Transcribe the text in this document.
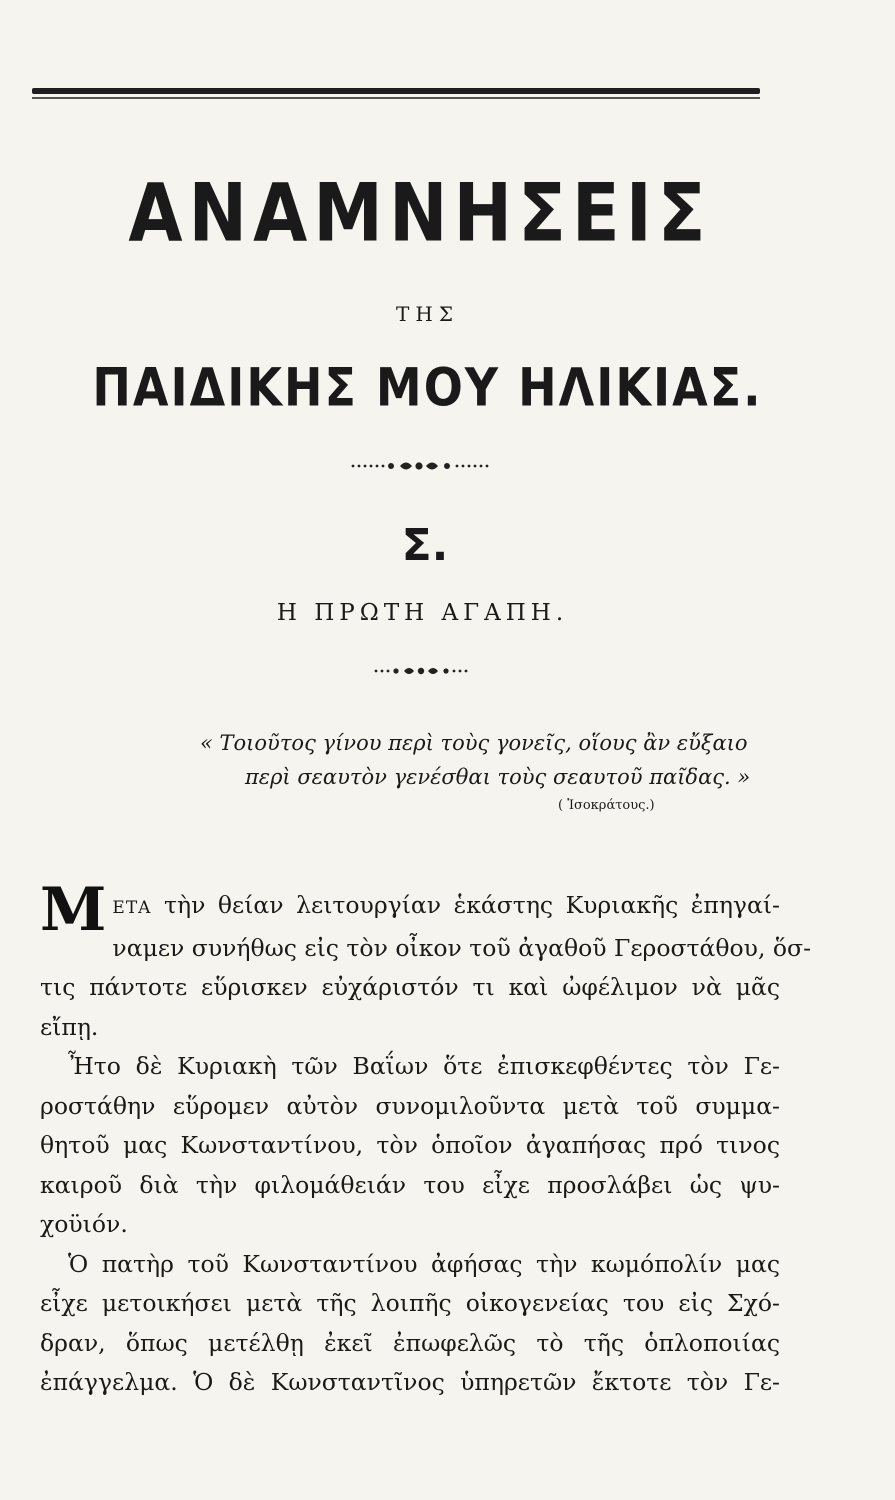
ΑΝΑΜΝΗΣΕΙΣ
ΤΗΣ
ΠΑΙΔΙΚΗΣ ΜΟΥ ΗΛΙΚΙΑΣ.
Σ.
Η ΠΡΩΤΗ ΑΓΑΠΗ.
« Τοιοῦτος γίνου περὶ τοὺς γονεῖς, οἵους ἂν εὔξαιο
περὶ σεαυτὸν γενέσθαι τοὺς σεαυτοῦ παῖδας. »
( Ἰσοκράτους.)

ΜΕΤΑ τὴν θείαν λειτουργίαν ἑκάστης Κυριακῆς ἐπηγαί-
ναμεν συνήθως εἰς τὸν οἶκον τοῦ ἀγαθοῦ Γεροστάθου, ὅσ-
τις πάντοτε εὕρισκεν εὐχάριστόν τι καὶ ὠφέλιμον νὰ μᾶς
εἴπῃ.

Ἦτο δὲ Κυριακὴ τῶν Βαΐων ὅτε ἐπισκεφθέντες τὸν Γε-

ροστάθην εὕρομεν αὐτὸν συνομιλοῦντα μετὰ τοῦ συμμα-
θητοῦ μας Κωνσταντίνου, τὸν ὁποῖον ἀγαπήσας πρό τινος
καιροῦ διὰ τὴν φιλομάθειάν του εἶχε προσλάβει ὡς ψυ-
χοϋιόν.

Ὁ πατὴρ τοῦ Κωνσταντίνου ἀφήσας τὴν κωμόπολίν μας

εἶχε μετοικήσει μετὰ τῆς λοιπῆς οἰκογενείας του εἰς Σχό-
δραν, ὅπως μετέλθῃ ἐκεῖ ἐπωφελῶς τὸ τῆς ὁπλοποιίας
ἐπάγγελμα. Ὁ δὲ Κωνσταντῖνος ὑπηρετῶν ἔκτοτε τὸν Γε-
